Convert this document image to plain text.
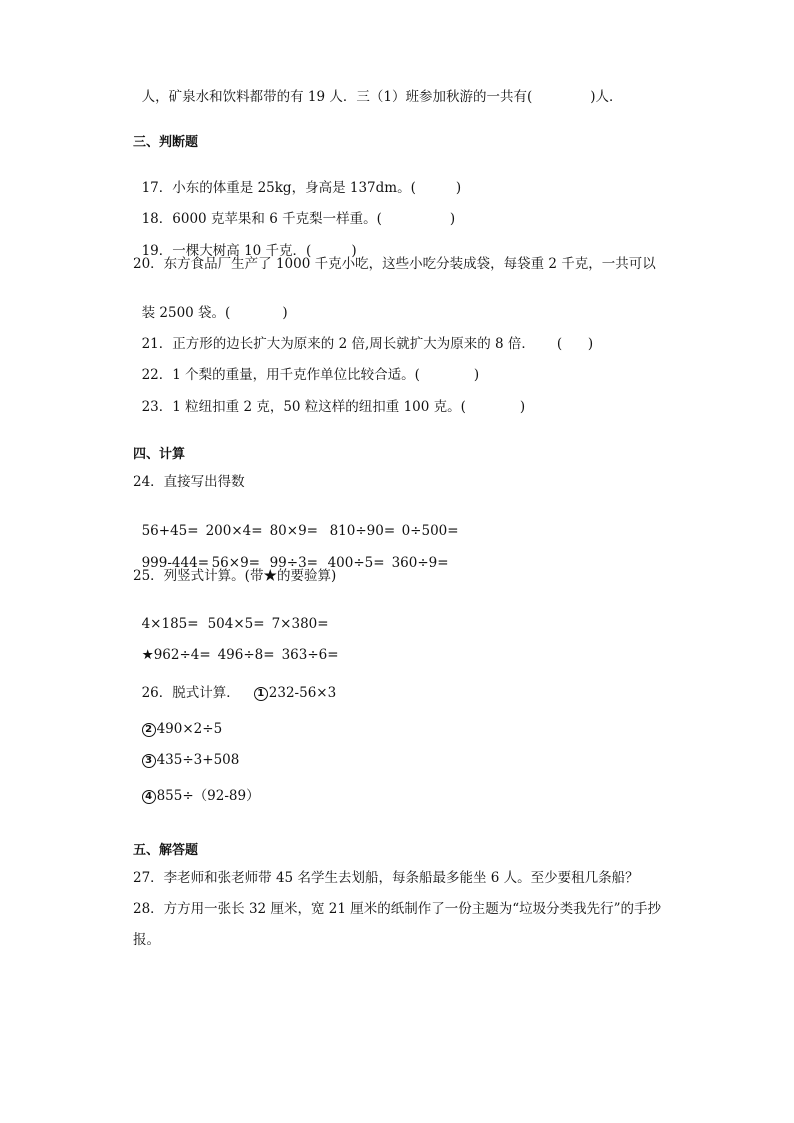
人，矿泉水和饮料都带的有 19 人．三（1）班参加秋游的一共有(	)人．

三、判断题

17．小东的体重是 25kg，身高是 137dm。(	)

18．6000 克苹果和 6 千克梨一样重。(	)

19．一棵大树高 10 千克．(	)

20．东方食品厂生产了 1000 千克小吃，这些小吃分装成袋，每袋重 2 千克，一共可以

装 2500 袋。(	)

21．正方形的边长扩大为原来的 2 倍,周长就扩大为原来的 8 倍． (      )

22．1 个梨的重量，用千克作单位比较合适。(	)

23．1 粒纽扣重 2 克，50 粒这样的纽扣重 100 克。(	)

四、计算
24．直接写出得数

56+45= 200×4= 80×9= 810÷90= 0÷500=

999-444= 56×9= 99÷3= 400÷5= 360÷9=

25．列竖式计算。(带★的要验算)

4×185= 504×5= 7×380=

★962÷4= 496÷8= 363÷6=

26．脱式计算． 1 232-56×3

2 490×2÷5

3 435÷3+508

4 855÷（92-89）

五、解答题
27．李老师和张老师带 45 名学生去划船，每条船最多能坐 6 人。至少要租几条船？
28．方方用一张长 32 厘米，宽 21 厘米的纸制作了一份主题为“垃圾分类我先行”的手抄
报。
